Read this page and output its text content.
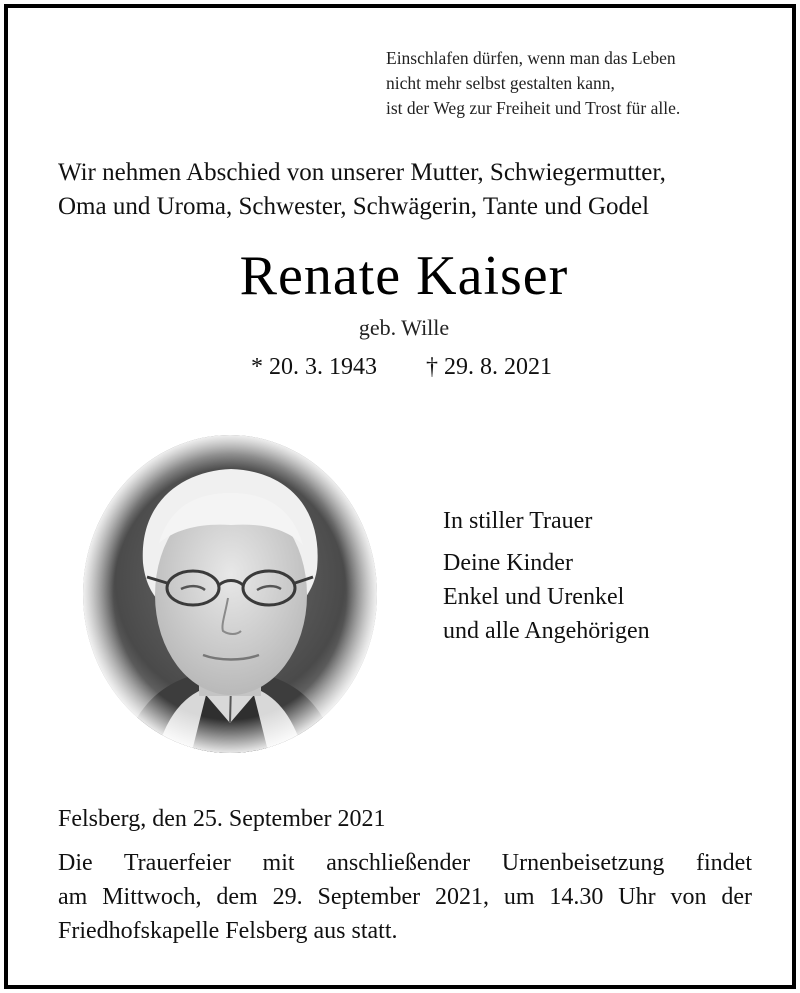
Einschlafen dürfen, wenn man das Leben
nicht mehr selbst gestalten kann,
ist der Weg zur Freiheit und Trost für alle.
Wir nehmen Abschied von unserer Mutter, Schwiegermutter,
Oma und Uroma, Schwester, Schwägerin, Tante und Godel
Renate Kaiser
geb. Wille
* 20. 3. 1943 † 29. 8. 2021
In stiller Trauer
Deine Kinder
Enkel und Urenkel
und alle Angehörigen
Felsberg, den 25. September 2021
Die Trauerfeier mit anschließender Urnenbeisetzung findet
am Mittwoch, dem 29. September 2021, um 14.30 Uhr von der
Friedhofskapelle Felsberg aus statt.
